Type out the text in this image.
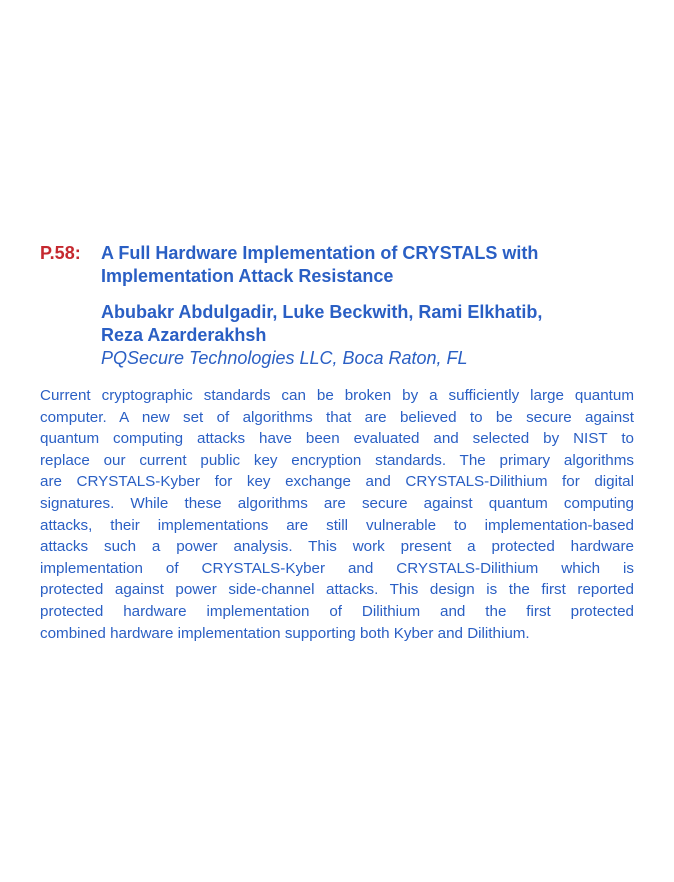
P.58: A Full Hardware Implementation of CRYSTALS with
Implementation Attack Resistance
Abubakr Abdulgadir, Luke Beckwith, Rami Elkhatib,
Reza Azarderakhsh
PQSecure Technologies LLC, Boca Raton, FL
Current cryptographic standards can be broken by a sufficiently large quantum
computer. A new set of algorithms that are believed to be secure against
quantum computing attacks have been evaluated and selected by NIST to
replace our current public key encryption standards. The primary algorithms
are CRYSTALS-Kyber for key exchange and CRYSTALS-Dilithium for digital
signatures. While these algorithms are secure against quantum computing
attacks, their implementations are still vulnerable to implementation-based
attacks such a power analysis. This work present a protected hardware
implementation of CRYSTALS-Kyber and CRYSTALS-Dilithium which is
protected against power side-channel attacks. This design is the first reported
protected hardware implementation of Dilithium and the first protected
combined hardware implementation supporting both Kyber and Dilithium.
